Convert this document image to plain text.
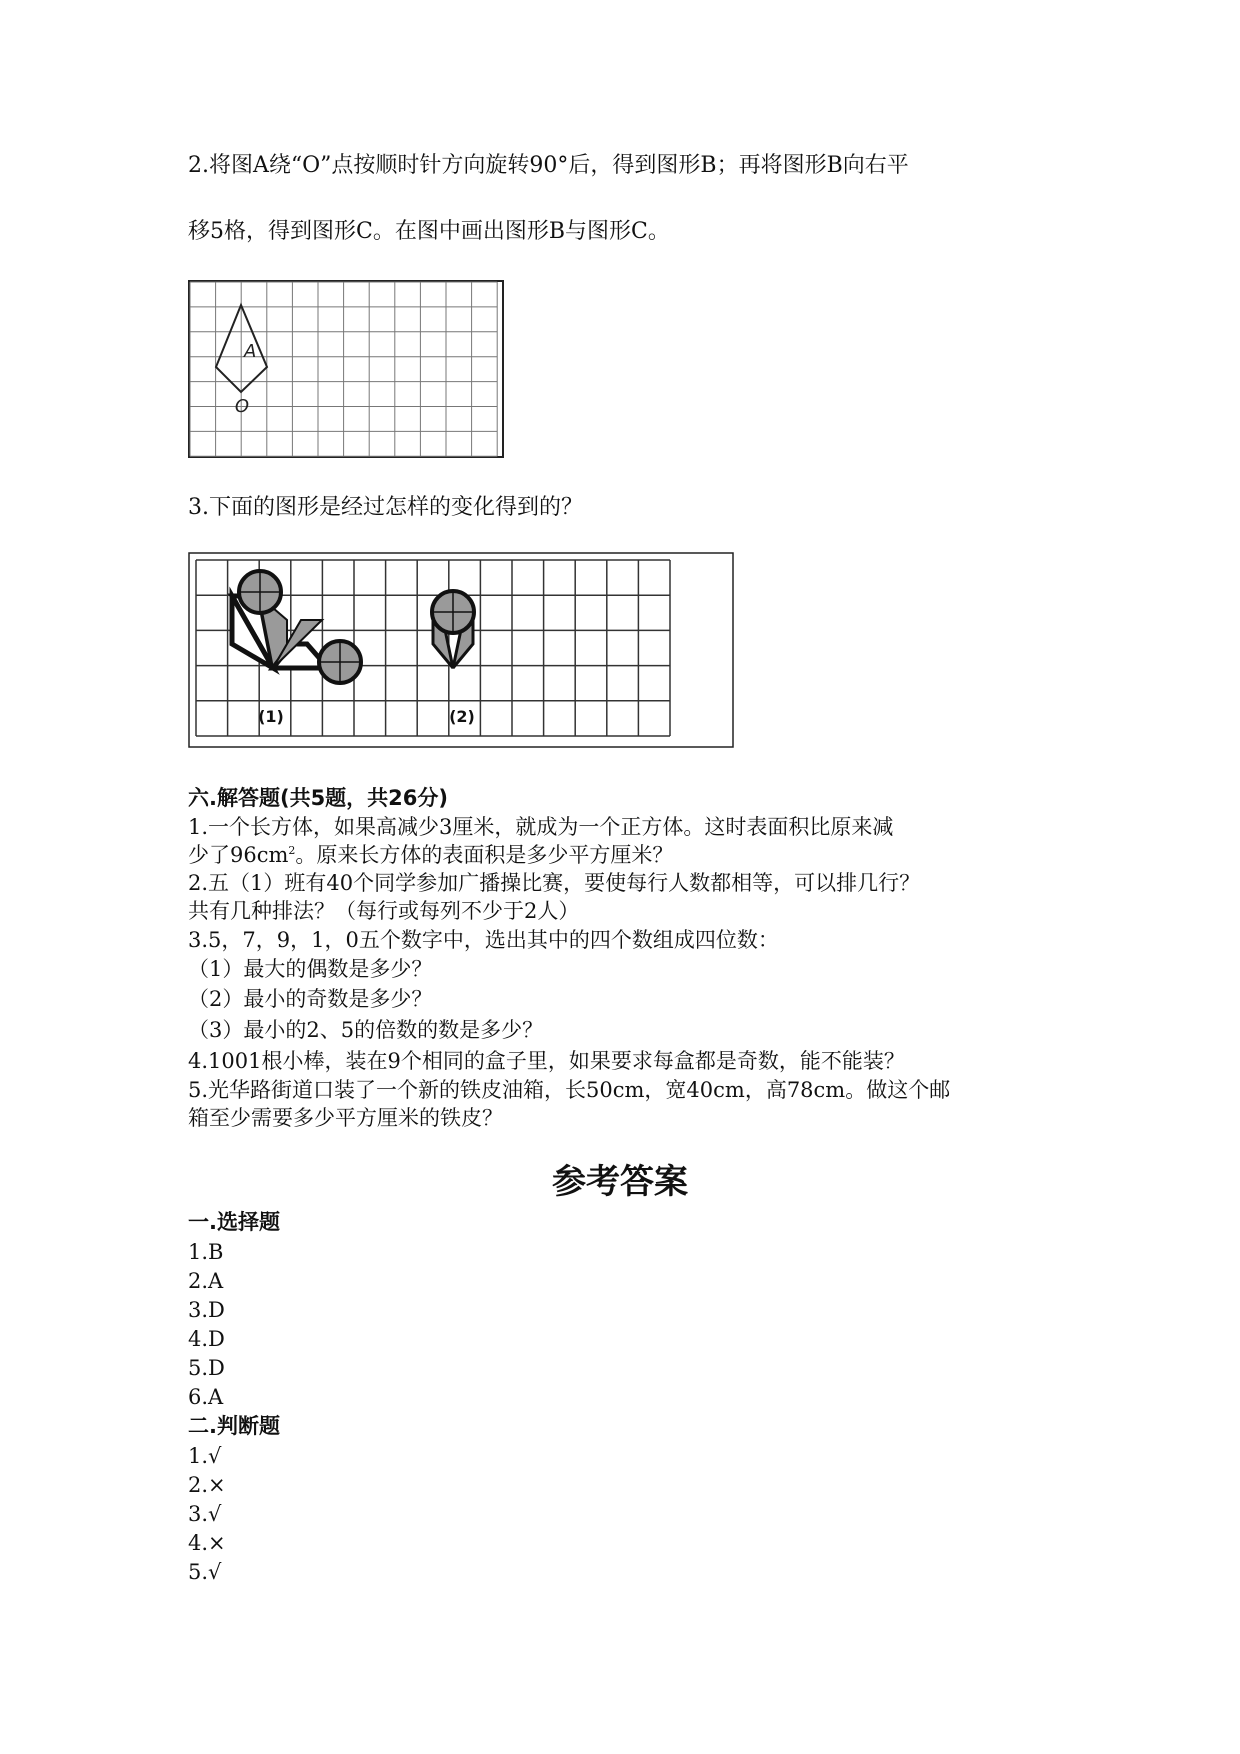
2.将图A绕“O”点按顺时针方向旋转90°后，得到图形B；再将图形B向右平
移5格，得到图形C。在图中画出图形B与图形C。
A
O
3.下面的图形是经过怎样的变化得到的？
(1)	(2)
六.解答题(共5题，共26分)
1.一个长方体，如果高减少3厘米，就成为一个正方体。这时表面积比原来减
少了$96cm^2$。原来长方体的表面积是多少平方厘米？
2.五（1）班有40个同学参加广播操比赛，要使每行人数都相等，可以排几行？
共有几种排法？（每行或每列不少于2人）
3.5，7，9，1，0五个数字中，选出其中的四个数组成四位数：
（1）最大的偶数是多少？
（2）最小的奇数是多少？
（3）最小的2、5的倍数的数是多少？
4.1001根小棒，装在9个相同的盒子里，如果要求每盒都是奇数，能不能装？
5.光华路街道口装了一个新的铁皮油箱，长50cm，宽40cm，高78cm。做这个邮
箱至少需要多少平方厘米的铁皮？
参考答案
一.选择题
1.B
2.A
3.D
4.D
5.D
6.A
二.判断题
1.√
2.×
3.√
4.×
5.√
